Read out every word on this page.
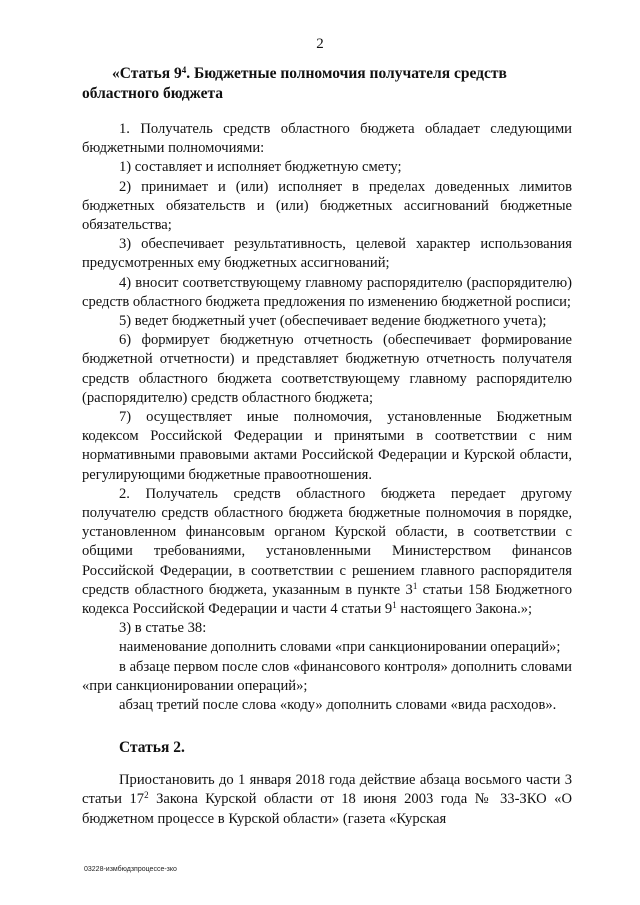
2
«Статья $9^4$. Бюджетные полномочия получателя средств областного бюджета

1. Получатель средств областного бюджета обладает следующими бюджетными полномочиями:

1) составляет и исполняет бюджетную смету;

2) принимает и (или) исполняет в пределах доведенных лимитов бюджетных обязательств и (или) бюджетных ассигнований бюджетные обязательства;

3) обеспечивает результативность, целевой характер использования предусмотренных ему бюджетных ассигнований;

4) вносит соответствующему главному распорядителю (распорядителю) средств областного бюджета предложения по изменению бюджетной росписи;

5) ведет бюджетный учет (обеспечивает ведение бюджетного учета);

6) формирует бюджетную отчетность (обеспечивает формирование бюджетной отчетности) и представляет бюджетную отчетность получателя средств областного бюджета соответствующему главному распорядителю (распорядителю) средств областного бюджета;

7) осуществляет иные полномочия, установленные Бюджетным кодексом Российской Федерации и принятыми в соответствии с ним нормативными правовыми актами Российской Федерации и Курской области, регулирующими бюджетные правоотношения.

2. Получатель средств областного бюджета передает другому получателю средств областного бюджета бюджетные полномочия в порядке, установленном финансовым органом Курской области, в соответствии с общими требованиями, установленными Министерством финансов Российской Федерации, в соответствии с решением главного распорядителя средств областного бюджета, указанным в пункте $3^1$ статьи 158 Бюджетного кодекса Российской Федерации и части 4 статьи $9^1$ настоящего Закона.»;

3) в статье 38:

наименование дополнить словами «при санкционировании операций»;

в абзаце первом после слов «финансового контроля» дополнить словами «при санкционировании операций»;

абзац третий после слова «коду» дополнить словами «вида расходов».

Статья 2.

Приостановить до 1 января 2018 года действие абзаца восьмого части 3 статьи $17^2$ Закона Курской области от 18 июня 2003 года № 33-ЗКО «О бюджетном процессе в Курской области» (газета «Курская

03228-измбюдзпроцессе-зко
